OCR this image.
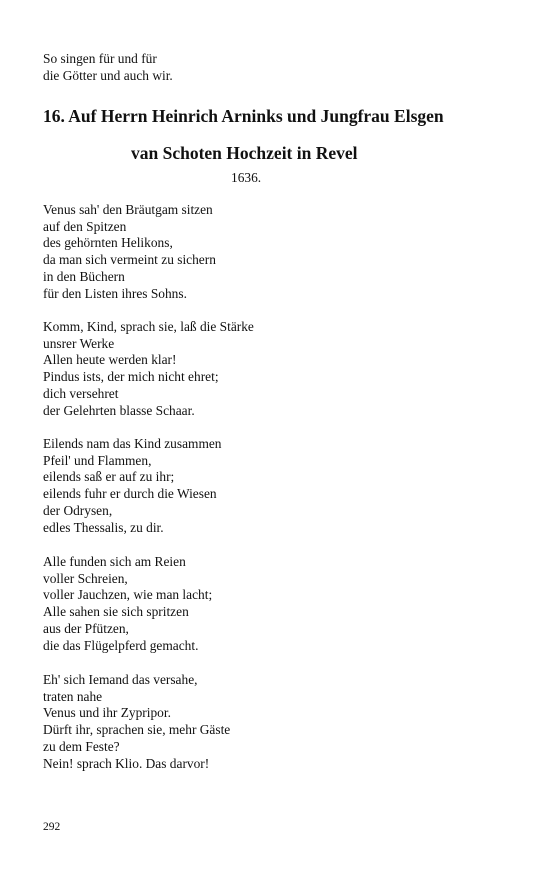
So singen für und für
die Götter und auch wir.
16. Auf Herrn Heinrich Arninks und Jungfrau Elsgen
van Schoten Hochzeit in Revel
1636.
Venus sah' den Bräutgam sitzen
auf den Spitzen
des gehörnten Helikons,
da man sich vermeint zu sichern
in den Büchern
für den Listen ihres Sohns.
Komm, Kind, sprach sie, laß die Stärke
unsrer Werke
Allen heute werden klar!
Pindus ists, der mich nicht ehret;
dich versehret
der Gelehrten blasse Schaar.
Eilends nam das Kind zusammen
Pfeil' und Flammen,
eilends saß er auf zu ihr;
eilends fuhr er durch die Wiesen
der Odrysen,
edles Thessalis, zu dir.
Alle funden sich am Reien
voller Schreien,
voller Jauchzen, wie man lacht;
Alle sahen sie sich spritzen
aus der Pfützen,
die das Flügelpferd gemacht.
Eh' sich Iemand das versahe,
traten nahe
Venus und ihr Zypripor.
Dürft ihr, sprachen sie, mehr Gäste
zu dem Feste?
Nein! sprach Klio. Das darvor!
292
